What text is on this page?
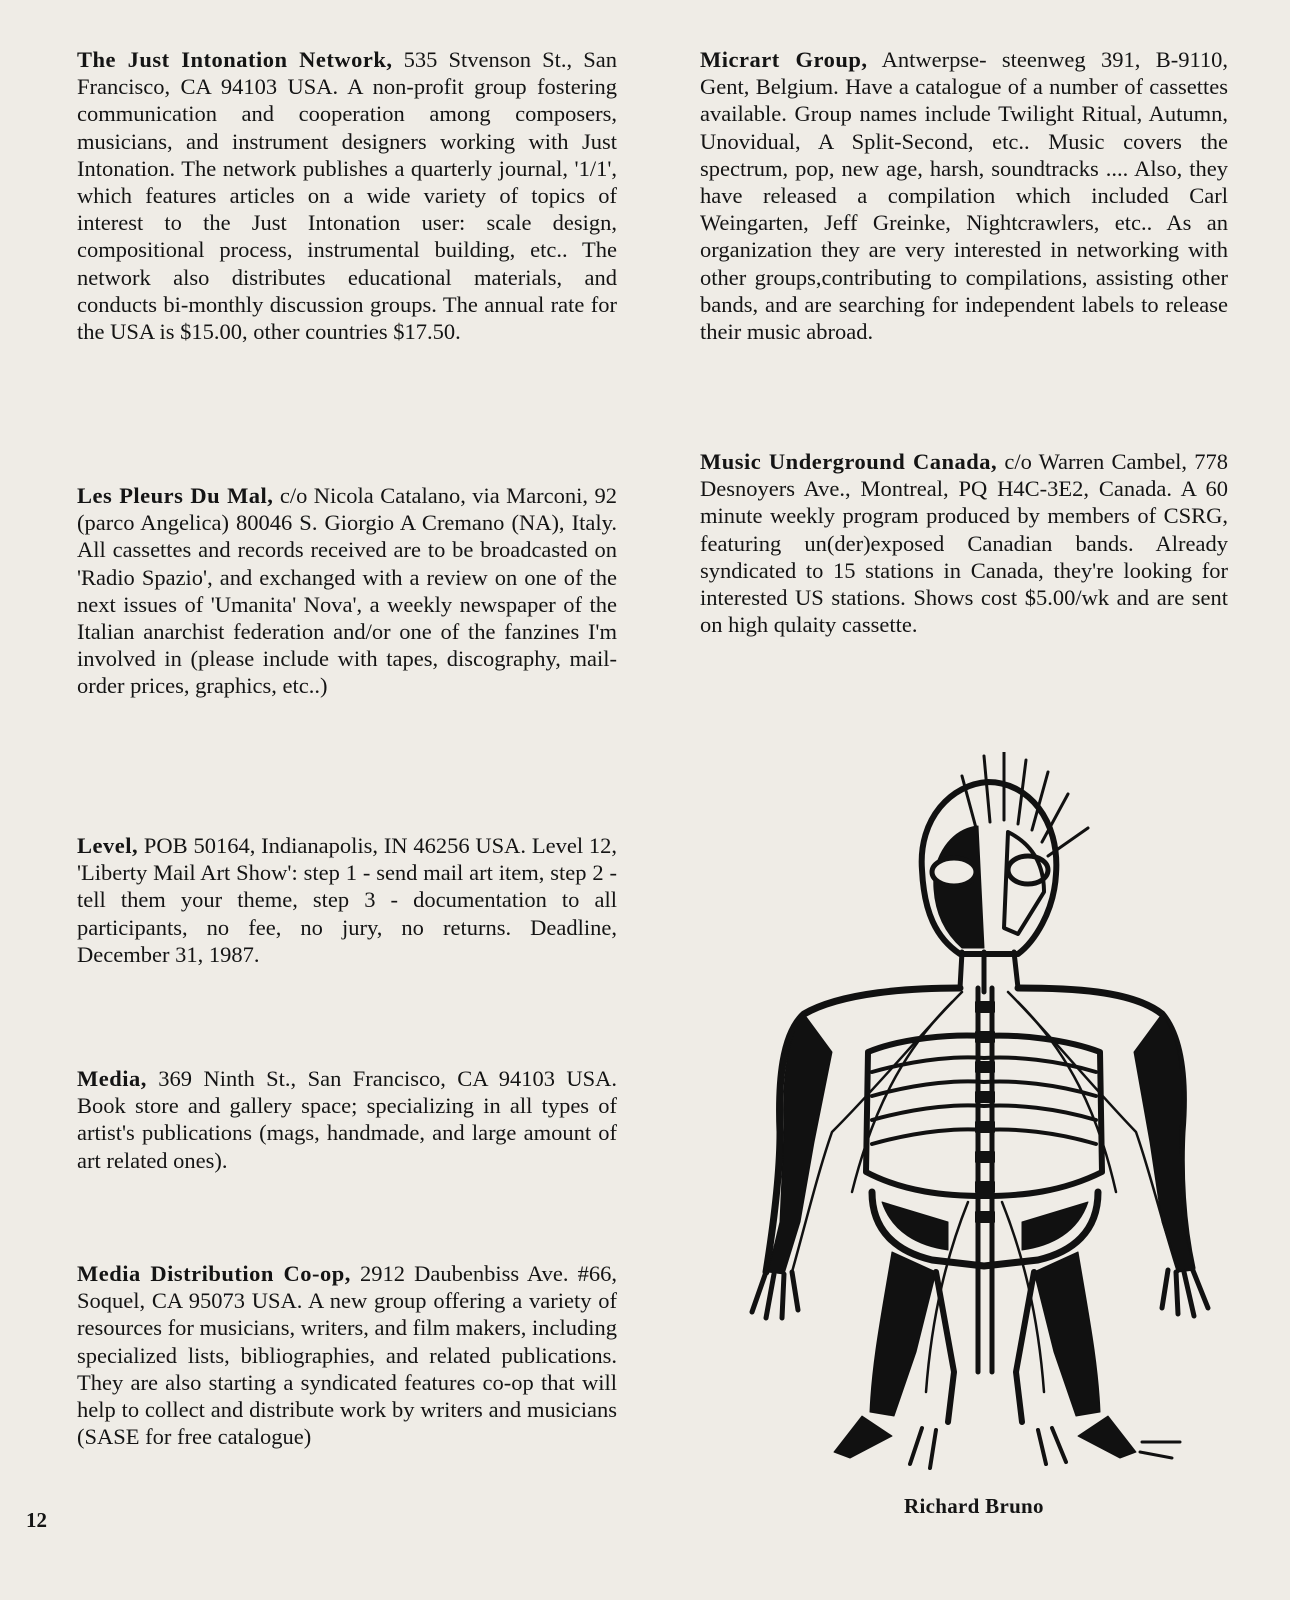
The Just Intonation Network, 535 Stvenson St., San Francisco, CA 94103 USA. A non-profit group fostering communication and cooperation among composers, musicians, and instrument designers working with Just Intonation. The network publishes a quarterly journal, '1/1', which features articles on a wide variety of topics of interest to the Just Intonation user: scale design, compositional process, instrumental building, etc.. The network also distributes educational materials, and conducts bi-monthly discussion groups. The annual rate for the USA is $15.00, other countries $17.50.

Les Pleurs Du Mal, c/o Nicola Catalano, via Marconi, 92 (parco Angelica) 80046 S. Giorgio A Cremano (NA), Italy. All cassettes and records received are to be broadcasted on 'Radio Spazio', and exchanged with a review on one of the next issues of 'Umanita' Nova', a weekly newspaper of the Italian anarchist federation and/or one of the fanzines I'm involved in (please include with tapes, discography, mail-order prices, graphics, etc..)

Level, POB 50164, Indianapolis, IN 46256 USA. Level 12, 'Liberty Mail Art Show': step 1 - send mail art item, step 2 - tell them your theme, step 3 - documentation to all participants, no fee, no jury, no returns. Deadline, December 31, 1987.

Media, 369 Ninth St., San Francisco, CA 94103 USA. Book store and gallery space; specializing in all types of artist's publications (mags, handmade, and large amount of art related ones).

Media Distribution Co-op, 2912 Daubenbiss Ave. #66, Soquel, CA 95073 USA. A new group offering a variety of resources for musicians, writers, and film makers, including specialized lists, bibliographies, and related publications. They are also starting a syndicated features co-op that will help to collect and distribute work by writers and musicians (SASE for free catalogue)

Micrart Group, Antwerpse- steenweg 391, B-9110, Gent, Belgium. Have a catalogue of a number of cassettes available. Group names include Twilight Ritual, Autumn, Unovidual, A Split-Second, etc.. Music covers the spectrum, pop, new age, harsh, soundtracks .... Also, they have released a compilation which included Carl Weingarten, Jeff Greinke, Nightcrawlers, etc.. As an organization they are very interested in networking with other groups,contributing to compilations, assisting other bands, and are searching for independent labels to release their music abroad.

Music Underground Canada, c/o Warren Cambel, 778 Desnoyers Ave., Montreal, PQ H4C-3E2, Canada. A 60 minute weekly program produced by members of CSRG, featuring un(der)exposed Canadian bands. Already syndicated to 15 stations in Canada, they're looking for interested US stations. Shows cost $5.00/wk and are sent on high qulaity cassette.

Richard Bruno
12
